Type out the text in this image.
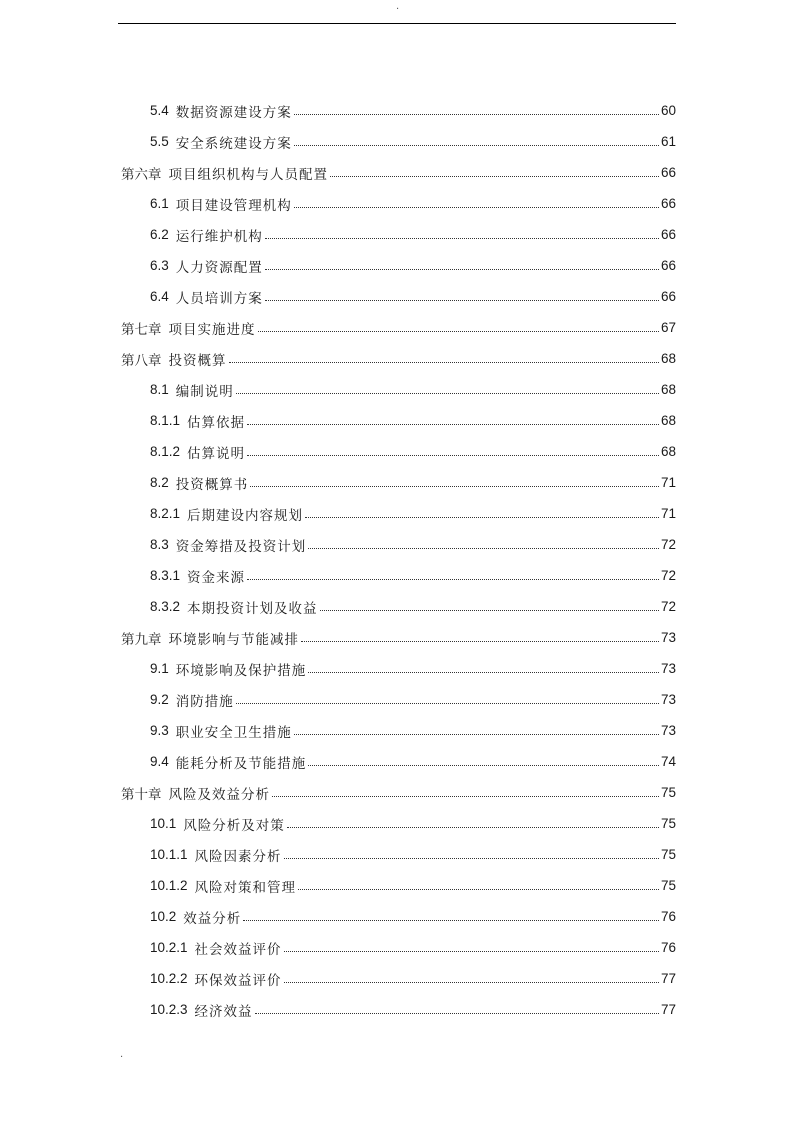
.
5.4 数据资源建设方案	60
5.5 安全系统建设方案	61
第六章 项目组织机构与人员配置	66
6.1 项目建设管理机构	66
6.2 运行维护机构	66
6.3 人力资源配置	66
6.4 人员培训方案	66
第七章 项目实施进度	67
第八章 投资概算	68
8.1 编制说明	68
8.1.1 估算依据	68
8.1.2 估算说明	68
8.2 投资概算书	71
8.2.1 后期建设内容规划	71
8.3 资金筹措及投资计划	72
8.3.1 资金来源	72
8.3.2 本期投资计划及收益	72
第九章 环境影响与节能减排	73
9.1 环境影响及保护措施	73
9.2 消防措施	73
9.3 职业安全卫生措施	73
9.4 能耗分析及节能措施	74
第十章 风险及效益分析	75
10.1 风险分析及对策	75
10.1.1 风险因素分析	75
10.1.2 风险对策和管理	75
10.2 效益分析	76
10.2.1 社会效益评价	76
10.2.2 环保效益评价	77
10.2.3 经济效益	77
.
